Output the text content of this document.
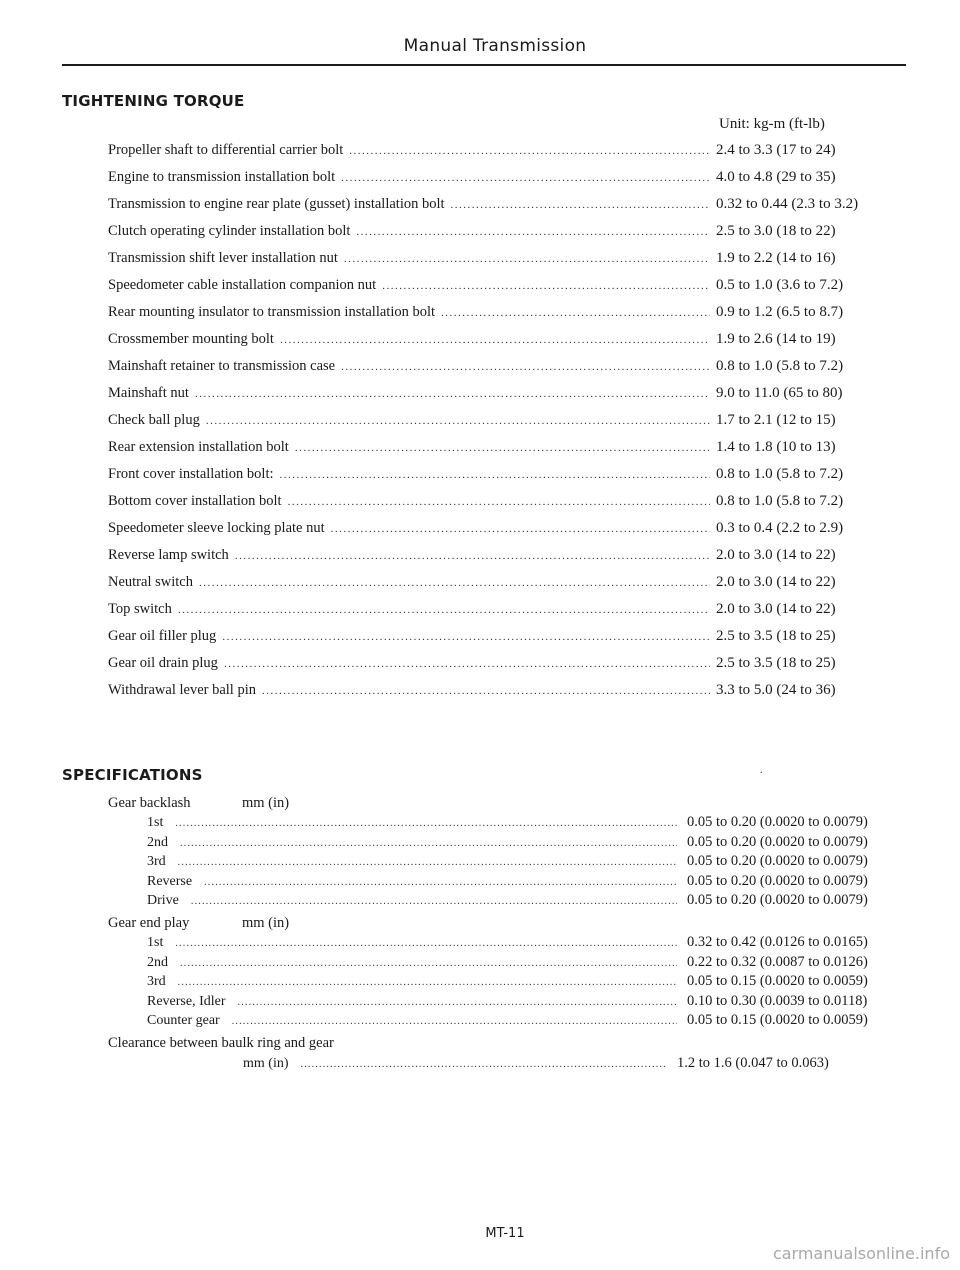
Manual Transmission
TIGHTENING TORQUE
Unit: kg-m (ft-lb)
Propeller shaft to differential carrier bolt .....	2.4 to 3.3 (17 to 24)
Engine to transmission installation bolt .....	4.0 to 4.8 (29 to 35)
Transmission to engine rear plate (gusset) installation bolt .....	0.32 to 0.44 (2.3 to 3.2)
Clutch operating cylinder installation bolt .....	2.5 to 3.0 (18 to 22)
Transmission shift lever installation nut .....	1.9 to 2.2 (14 to 16)
Speedometer cable installation companion nut .....	0.5 to 1.0 (3.6 to 7.2)
Rear mounting insulator to transmission installation bolt .....	0.9 to 1.2 (6.5 to 8.7)
Crossmember mounting bolt .....	1.9 to 2.6 (14 to 19)
Mainshaft retainer to transmission case .....	0.8 to 1.0 (5.8 to 7.2)
Mainshaft nut .....	9.0 to 11.0 (65 to 80)
Check ball plug .....	1.7 to 2.1 (12 to 15)
Rear extension installation bolt .....	1.4 to 1.8 (10 to 13)
Front cover installation bolt: .....	0.8 to 1.0 (5.8 to 7.2)
Bottom cover installation bolt .....	0.8 to 1.0 (5.8 to 7.2)
Speedometer sleeve locking plate nut .....	0.3 to 0.4 (2.2 to 2.9)
Reverse lamp switch .....	2.0 to 3.0 (14 to 22)
Neutral switch .....	2.0 to 3.0 (14 to 22)
Top switch .....	2.0 to 3.0 (14 to 22)
Gear oil filler plug .....	2.5 to 3.5 (18 to 25)
Gear oil drain plug .....	2.5 to 3.5 (18 to 25)
Withdrawal lever ball pin .....	3.3 to 5.0 (24 to 36)
.
SPECIFICATIONS
Gear backlash	mm (in)
1st .....	0.05 to 0.20 (0.0020 to 0.0079)
2nd .....	0.05 to 0.20 (0.0020 to 0.0079)
3rd .....	0.05 to 0.20 (0.0020 to 0.0079)
Reverse .....	0.05 to 0.20 (0.0020 to 0.0079)
Drive .....	0.05 to 0.20 (0.0020 to 0.0079)
Gear end play	mm (in)
1st .....	0.32 to 0.42 (0.0126 to 0.0165)
2nd .....	0.22 to 0.32 (0.0087 to 0.0126)
3rd .....	0.05 to 0.15 (0.0020 to 0.0059)
Reverse, Idler .....	0.10 to 0.30 (0.0039 to 0.0118)
Counter gear .....	0.05 to 0.15 (0.0020 to 0.0059)
Clearance between baulk ring and gear
mm (in) .....	1.2 to 1.6 (0.047 to 0.063)
MT-11
carmanualsonline.info
